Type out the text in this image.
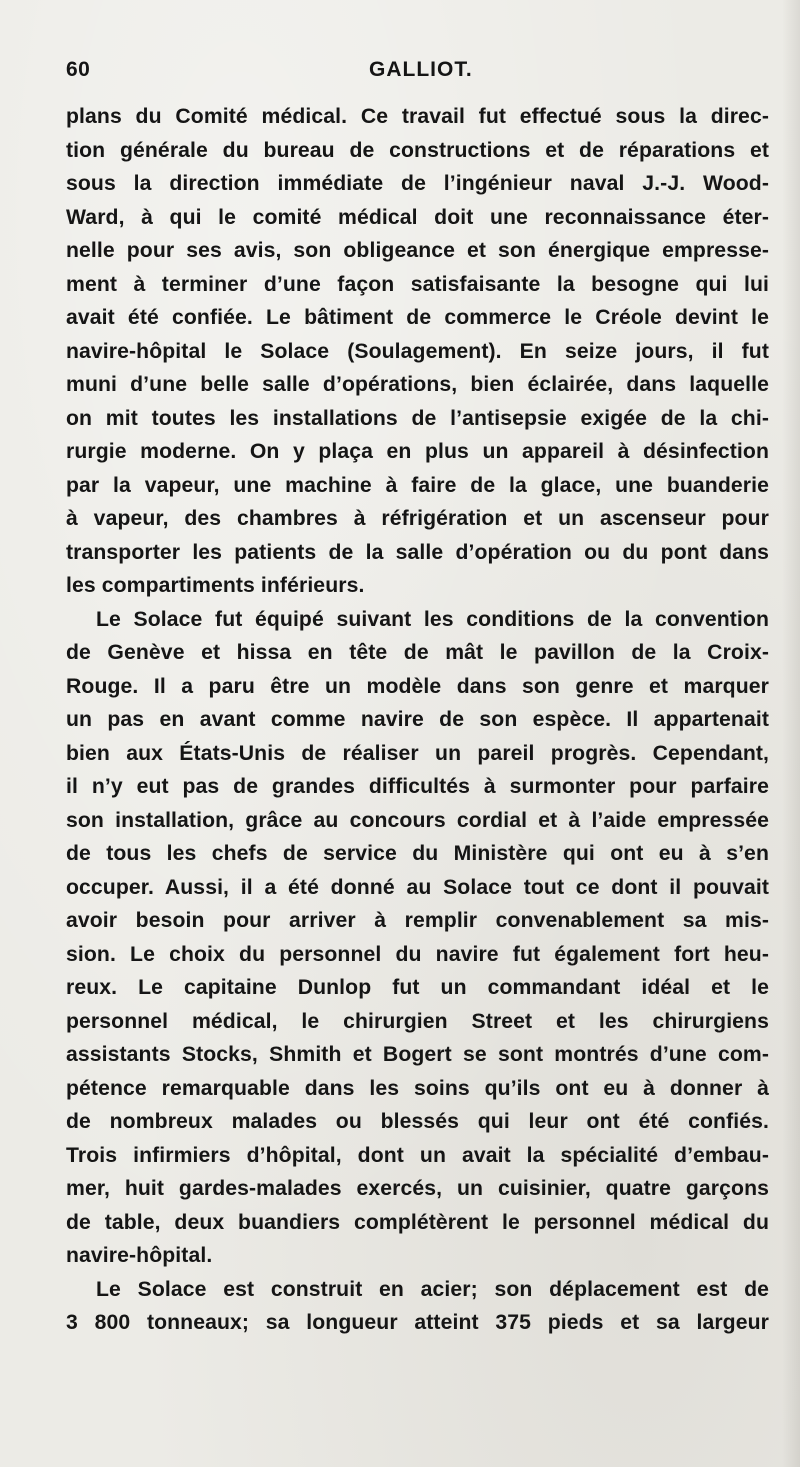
60	GALLIOT.
plans du Comité médical. Ce travail fut effectué sous la direc-
tion générale du bureau de constructions et de réparations et
sous la direction immédiate de l’ingénieur naval J.-J. Wood-
Ward, à qui le comité médical doit une reconnaissance éter-
nelle pour ses avis, son obligeance et son énergique empresse-
ment à terminer d’une façon satisfaisante la besogne qui lui
avait été confiée. Le bâtiment de commerce le Créole devint le
navire-hôpital le Solace (Soulagement). En seize jours, il fut
muni d’une belle salle d’opérations, bien éclairée, dans laquelle
on mit toutes les installations de l’antisepsie exigée de la chi-
rurgie moderne. On y plaça en plus un appareil à désinfection
par la vapeur, une machine à faire de la glace, une buanderie
à vapeur, des chambres à réfrigération et un ascenseur pour
transporter les patients de la salle d’opération ou du pont dans
les compartiments inférieurs.
Le Solace fut équipé suivant les conditions de la convention
de Genève et hissa en tête de mât le pavillon de la Croix-
Rouge. Il a paru être un modèle dans son genre et marquer
un pas en avant comme navire de son espèce. Il appartenait
bien aux États-Unis de réaliser un pareil progrès. Cependant,
il n’y eut pas de grandes difficultés à surmonter pour parfaire
son installation, grâce au concours cordial et à l’aide empressée
de tous les chefs de service du Ministère qui ont eu à s’en
occuper. Aussi, il a été donné au Solace tout ce dont il pouvait
avoir besoin pour arriver à remplir convenablement sa mis-
sion. Le choix du personnel du navire fut également fort heu-
reux. Le capitaine Dunlop fut un commandant idéal et le
personnel médical, le chirurgien Street et les chirurgiens
assistants Stocks, Shmith et Bogert se sont montrés d’une com-
pétence remarquable dans les soins qu’ils ont eu à donner à
de nombreux malades ou blessés qui leur ont été confiés.
Trois infirmiers d’hôpital, dont un avait la spécialité d’embau-
mer, huit gardes-malades exercés, un cuisinier, quatre garçons
de table, deux buandiers complétèrent le personnel médical du
navire-hôpital.
Le Solace est construit en acier; son déplacement est de
3 800 tonneaux; sa longueur atteint 375 pieds et sa largeur
